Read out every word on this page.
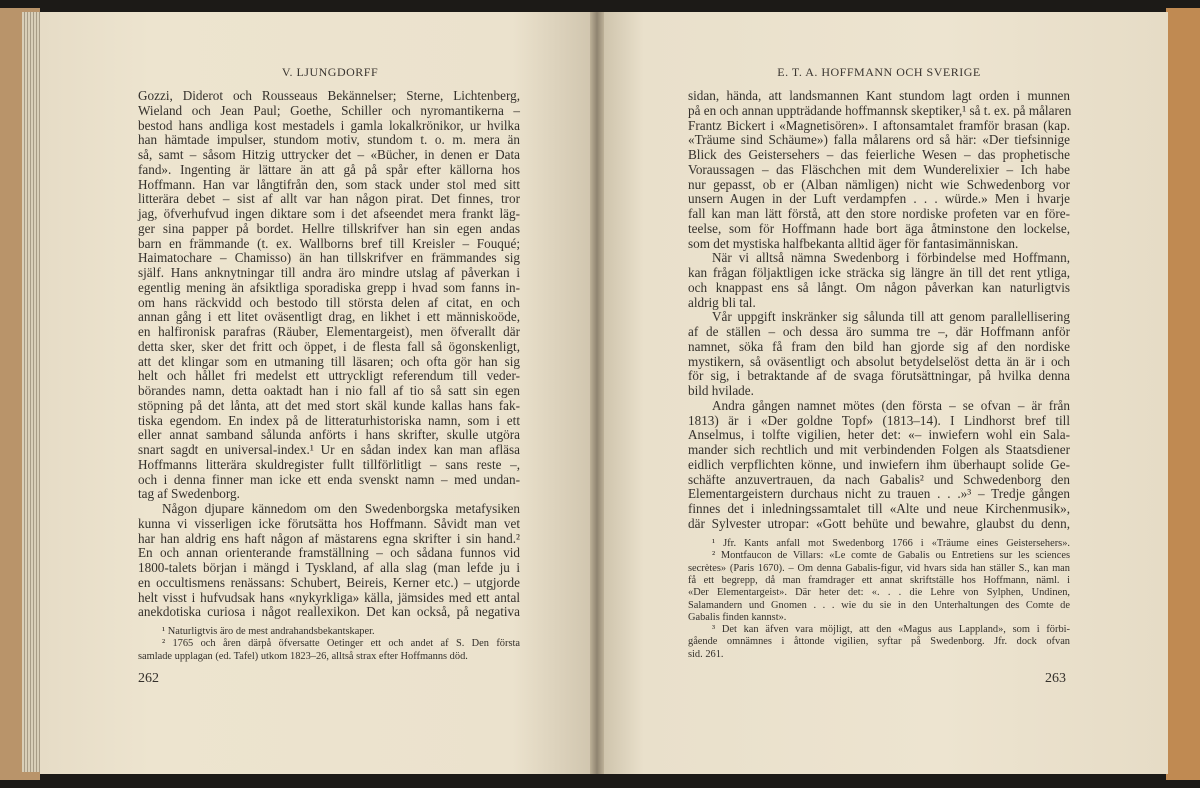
V. LJUNGDORFF	E. T. A. HOFFMANN OCH SVERIGE
Gozzi, Diderot och Rousseaus Bekännelser; Sterne, Lichtenberg,
Wieland och Jean Paul; Goethe, Schiller och nyromantikerna –
bestod hans andliga kost mestadels i gamla lokalkrönikor, ur hvilka
han hämtade impulser, stundom motiv, stundom t. o. m. mera än
så, samt – såsom Hitzig uttrycker det – «Bücher, in denen er Data
fand». Ingenting är lättare än att gå på spår efter källorna hos
Hoffmann. Han var långtifrån den, som stack under stol med sitt
litterära debet – sist af allt var han någon pirat. Det finnes, tror
jag, öfverhufvud ingen diktare som i det afseendet mera frankt läg-
ger sina papper på bordet. Hellre tillskrifver han sin egen andas
barn en främmande (t. ex. Wallborns bref till Kreisler – Fouqué;
Haimatochare – Chamisso) än han tillskrifver en främmandes sig
själf. Hans anknytningar till andra äro mindre utslag af påverkan i
egentlig mening än afsiktliga sporadiska grepp i hvad som fanns in-
om hans räckvidd och bestodo till största delen af citat, en och
annan gång i ett litet oväsentligt drag, en likhet i ett människoöde,
en halfironisk parafras (Räuber, Elementargeist), men öfverallt där
detta sker, sker det fritt och öppet, i de flesta fall så ögonskenligt,
att det klingar som en utmaning till läsaren; och ofta gör han sig
helt och hållet fri medelst ett uttryckligt referendum till veder-
börandes namn, detta oaktadt han i nio fall af tio så satt sin egen
stöpning på det lånta, att det med stort skäl kunde kallas hans fak-
tiska egendom. En index på de litteraturhistoriska namn, som i ett
eller annat samband sålunda anförts i hans skrifter, skulle utgöra
snart sagdt en universal-index.¹ Ur en sådan index kan man afläsa
Hoffmanns litterära skuldregister fullt tillförlitligt – sans reste –,
och i denna finner man icke ett enda svenskt namn – med undan-
tag af Swedenborg.
Någon djupare kännedom om den Swedenborgska metafysiken
kunna vi visserligen icke förutsätta hos Hoffmann. Såvidt man vet
har han aldrig ens haft någon af mästarens egna skrifter i sin hand.²
En och annan orienterande framställning – och sådana funnos vid
1800-talets början i mängd i Tyskland, af alla slag (man lefde ju i
en occultismens renässans: Schubert, Beireis, Kerner etc.) – utgjorde
helt visst i hufvudsak hans «nykyrkliga» källa, jämsides med ett antal
anekdotiska curiosa i något reallexikon. Det kan också, på negativa
¹ Naturligtvis äro de mest andrahandsbekantskaper.
² 1765 och åren därpå öfversatte Oetinger ett och andet af S. Den första
samlade upplagan (ed. Tafel) utkom 1823–26, alltså strax efter Hoffmanns död.
sidan, hända, att landsmannen Kant stundom lagt orden i munnen
på en och annan uppträdande hoffmannsk skeptiker,¹ så t. ex. på målaren
Frantz Bickert i «Magnetisören». I aftonsamtalet framför brasan (kap.
«Träume sind Schäume») falla målarens ord så här: «Der tiefsinnige
Blick des Geistersehers – das feierliche Wesen – das prophetische
Voraussagen – das Fläschchen mit dem Wunderelixier – Ich habe
nur gepasst, ob er (Alban nämligen) nicht wie Schwedenborg vor
unsern Augen in der Luft verdampfen . . . würde.» Men i hvarje
fall kan man lätt förstå, att den store nordiske profeten var en före-
teelse, som för Hoffmann hade bort äga åtminstone den lockelse,
som det mystiska halfbekanta alltid äger för fantasimänniskan.
När vi alltså nämna Swedenborg i förbindelse med Hoffmann,
kan frågan följaktligen icke sträcka sig längre än till det rent ytliga,
och knappast ens så långt. Om någon påverkan kan naturligtvis
aldrig bli tal.
Vår uppgift inskränker sig sålunda till att genom parallellisering
af de ställen – och dessa äro summa tre –, där Hoffmann anför
namnet, söka få fram den bild han gjorde sig af den nordiske
mystikern, så oväsentligt och absolut betydelselöst detta än är i och
för sig, i betraktande af de svaga förutsättningar, på hvilka denna
bild hvilade.
Andra gången namnet mötes (den första – se ofvan – är från
1813) är i «Der goldne Topf» (1813–14). I Lindhorst bref till
Anselmus, i tolfte vigilien, heter det: «– inwiefern wohl ein Sala-
mander sich rechtlich und mit verbindenden Folgen als Staatsdiener
eidlich verpflichten könne, und inwiefern ihm überhaupt solide Ge-
schäfte anzuvertrauen, da nach Gabalis² und Schwedenborg den
Elementargeistern durchaus nicht zu trauen . . .»³ – Tredje gången
finnes det i inledningssamtalet till «Alte und neue Kirchenmusik»,
där Sylvester utropar: «Gott behüte und bewahre, glaubst du denn,
¹ Jfr. Kants anfall mot Swedenborg 1766 i «Träume eines Geistersehers».
² Montfaucon de Villars: «Le comte de Gabalis ou Entretiens sur les sciences
secrètes» (Paris 1670). – Om denna Gabalis-figur, vid hvars sida han ställer S., kan man
få ett begrepp, då man framdrager ett annat skriftställe hos Hoffmann, näml. i
«Der Elementargeist». Där heter det: «. . . die Lehre von Sylphen, Undinen,
Salamandern und Gnomen . . . wie du sie in den Unterhaltungen des Comte de
Gabalis finden kannst».
³ Det kan äfven vara möjligt, att den «Magus aus Lappland», som i förbi-
gående omnämnes i åttonde vigilien, syftar på Swedenborg. Jfr. dock ofvan
sid. 261.
262	263
